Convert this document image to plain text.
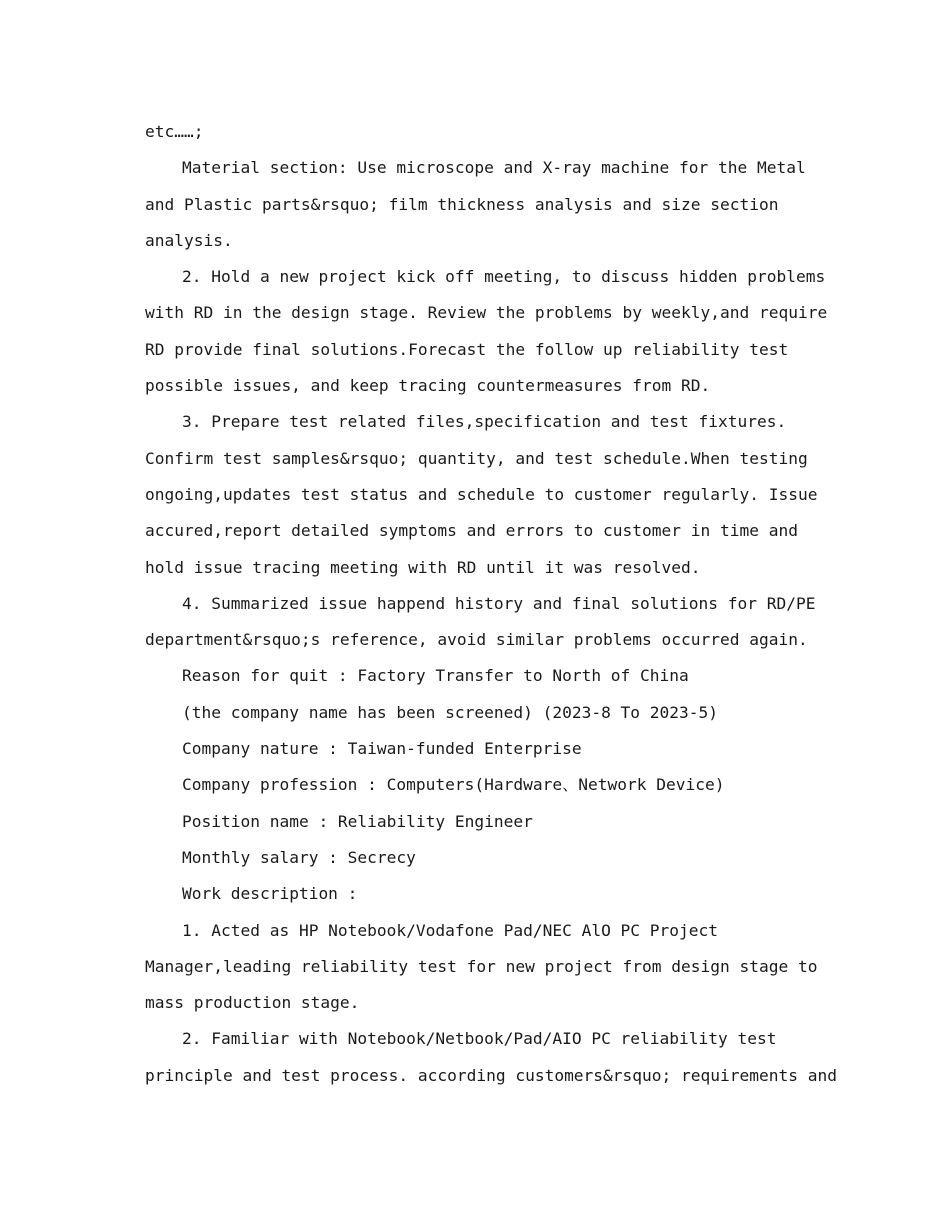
etc……;
Material section: Use microscope and X-ray machine for the Metal
and Plastic parts&rsquo; film thickness analysis and size section
analysis.
2. Hold a new project kick off meeting, to discuss hidden problems
with RD in the design stage. Review the problems by weekly,and require
RD provide final solutions.Forecast the follow up reliability test
possible issues, and keep tracing countermeasures from RD.
3. Prepare test related files,specification and test fixtures.
Confirm test samples&rsquo; quantity, and test schedule.When testing
ongoing,updates test status and schedule to customer regularly. Issue
accured,report detailed symptoms and errors to customer in time and
hold issue tracing meeting with RD until it was resolved.
4. Summarized issue happend history and final solutions for RD/PE
department&rsquo;s reference, avoid similar problems occurred again.
Reason for quit : Factory Transfer to North of China
(the company name has been screened) (2023-8 To 2023-5)
Company nature : Taiwan-funded Enterprise
Company profession : Computers(Hardware、Network Device)
Position name : Reliability Engineer
Monthly salary : Secrecy
Work description :
1. Acted as HP Notebook/Vodafone Pad/NEC AlO PC Project
Manager,leading reliability test for new project from design stage to
mass production stage.
2. Familiar with Notebook/Netbook/Pad/AIO PC reliability test
principle and test process. according customers&rsquo; requirements and
